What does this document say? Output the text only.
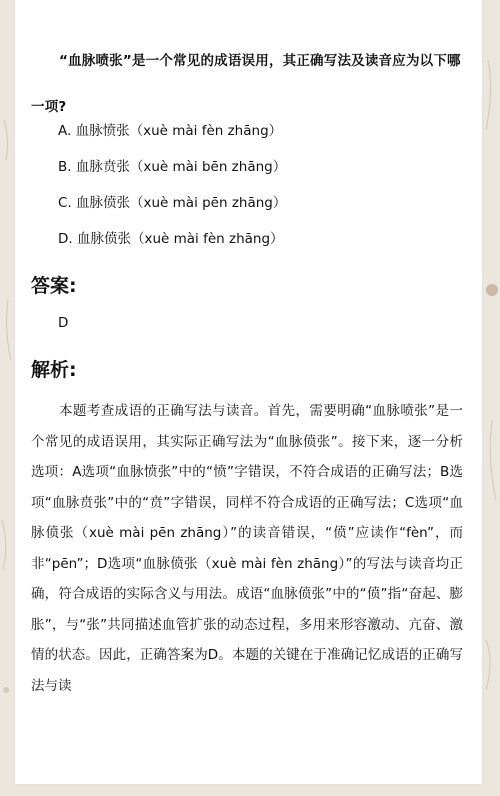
“血脉喷张”是一个常见的成语误用，其正确写法及读音应为以下哪一项?
A. 血脉愤张（xuè mài fèn zhāng）
B. 血脉贲张（xuè mài bēn zhāng）
C. 血脉偾张（xuè mài pēn zhāng）
D. 血脉偾张（xuè mài fèn zhāng）
答案:
D
解析:

本题考查成语的正确写法与读音。首先，需要明确“血脉喷张”是一个常见的成语误用，其实际正确写法为“血脉偾张”。接下来，逐一分析选项：A选项“血脉愤张”中的“愤”字错误，不符合成语的正确写法；B选项“血脉贲张”中的“贲”字错误，同样不符合成语的正确写法；C选项“血脉偾张（xuè mài pēn zhāng）”的读音错误，“偾”应读作“fèn”，而非“pēn”；D选项“血脉偾张（xuè mài fèn zhāng）”的写法与读音均正确，符合成语的实际含义与用法。成语“血脉偾张”中的“偾”指“奋起、膨胀”，与“张”共同描述血管扩张的动态过程，多用来形容激动、亢奋、激情的状态。因此，正确答案为D。本题的关键在于准确记忆成语的正确写法与读
